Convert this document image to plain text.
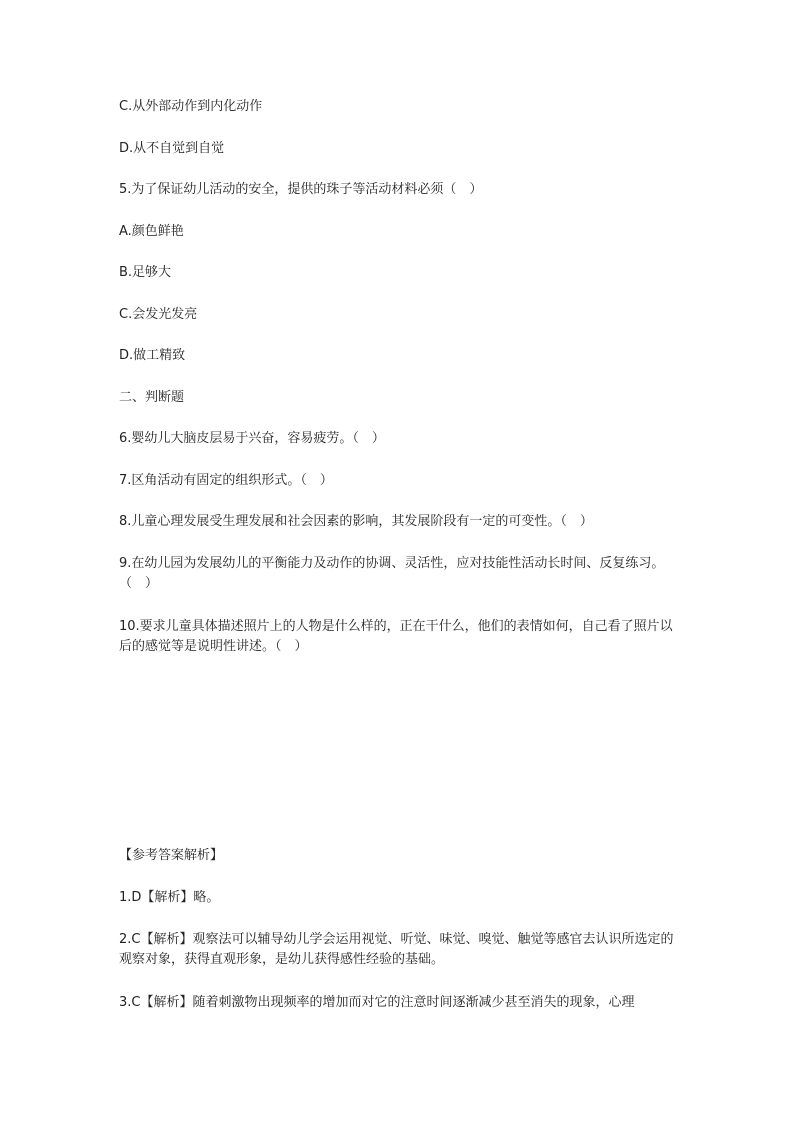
C.从外部动作到内化动作
D.从不自觉到自觉
5.为了保证幼儿活动的安全，提供的珠子等活动材料必须（　）
A.颜色鲜艳
B.足够大
C.会发光发亮
D.做工精致
二、判断题
6.婴幼儿大脑皮层易于兴奋，容易疲劳。（　）
7.区角活动有固定的组织形式。（　）
8.儿童心理发展受生理发展和社会因素的影响，其发展阶段有一定的可变性。（　）
9.在幼儿园为发展幼儿的平衡能力及动作的协调、灵活性，应对技能性活动长时间、反复练习。（　）
10.要求儿童具体描述照片上的人物是什么样的，正在干什么，他们的表情如何，自己看了照片以后的感觉等是说明性讲述。（　）
【参考答案解析】
1.D【解析】略。
2.C【解析】观察法可以辅导幼儿学会运用视觉、听觉、味觉、嗅觉、触觉等感官去认识所选定的观察对象，获得直观形象，是幼儿获得感性经验的基础。
3.C【解析】随着刺激物出现频率的增加而对它的注意时间逐渐减少甚至消失的现象，心理
